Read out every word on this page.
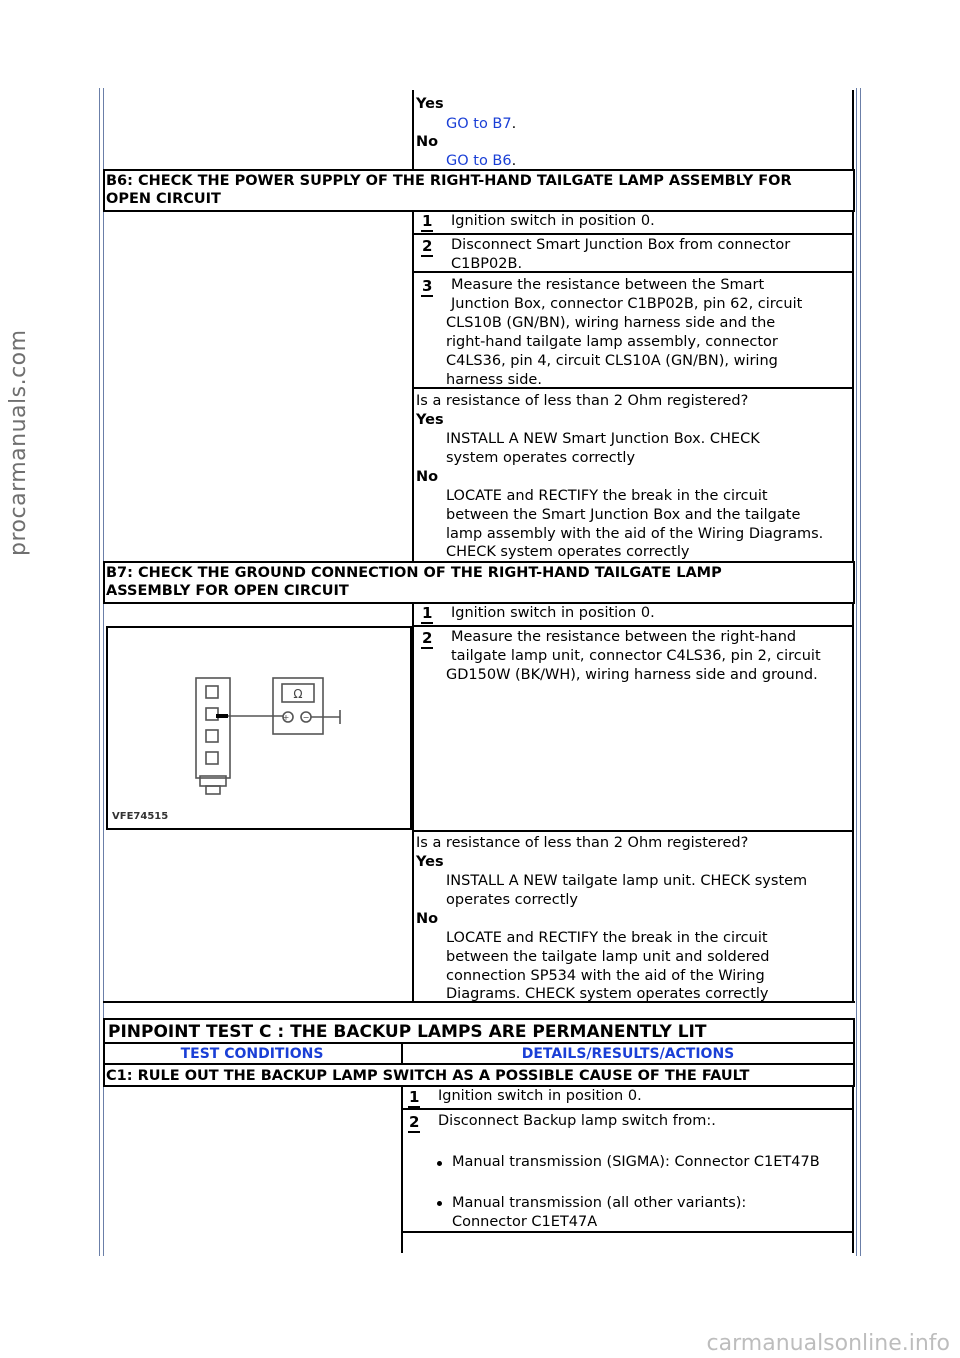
procarmanuals.com
Yes
GO to B7.
No
GO to B6.
B6: CHECK THE POWER SUPPLY OF THE RIGHT-HAND TAILGATE LAMP ASSEMBLY FOR
OPEN CIRCUIT
1 Ignition switch in position 0.
2 Disconnect Smart Junction Box from connector
C1BP02B.
3 Measure the resistance between the Smart
Junction Box, connector C1BP02B, pin 62, circuit
CLS10B (GN/BN), wiring harness side and the
right-hand tailgate lamp assembly, connector
C4LS36, pin 4, circuit CLS10A (GN/BN), wiring
harness side.
Is a resistance of less than 2 Ohm registered?
Yes
INSTALL A NEW Smart Junction Box. CHECK
system operates correctly
No
LOCATE and RECTIFY the break in the circuit
between the Smart Junction Box and the tailgate
lamp assembly with the aid of the Wiring Diagrams.
CHECK system operates correctly
B7: CHECK THE GROUND CONNECTION OF THE RIGHT-HAND TAILGATE LAMP
ASSEMBLY FOR OPEN CIRCUIT
1 Ignition switch in position 0.
2 Measure the resistance between the right-hand
tailgate lamp unit, connector C4LS36, pin 2, circuit
GD150W (BK/WH), wiring harness side and ground.
Ω
+ −
VFE74515
Is a resistance of less than 2 Ohm registered?
Yes
INSTALL A NEW tailgate lamp unit. CHECK system
operates correctly
No
LOCATE and RECTIFY the break in the circuit
between the tailgate lamp unit and soldered
connection SP534 with the aid of the Wiring
Diagrams. CHECK system operates correctly
PINPOINT TEST C : THE BACKUP LAMPS ARE PERMANENTLY LIT
TEST CONDITIONS	DETAILS/RESULTS/ACTIONS
C1: RULE OUT THE BACKUP LAMP SWITCH AS A POSSIBLE CAUSE OF THE FAULT
1 Ignition switch in position 0.
2 Disconnect Backup lamp switch from:.
Manual transmission (SIGMA): Connector C1ET47B
Manual transmission (all other variants):
Connector C1ET47A
carmanualsonline.info
